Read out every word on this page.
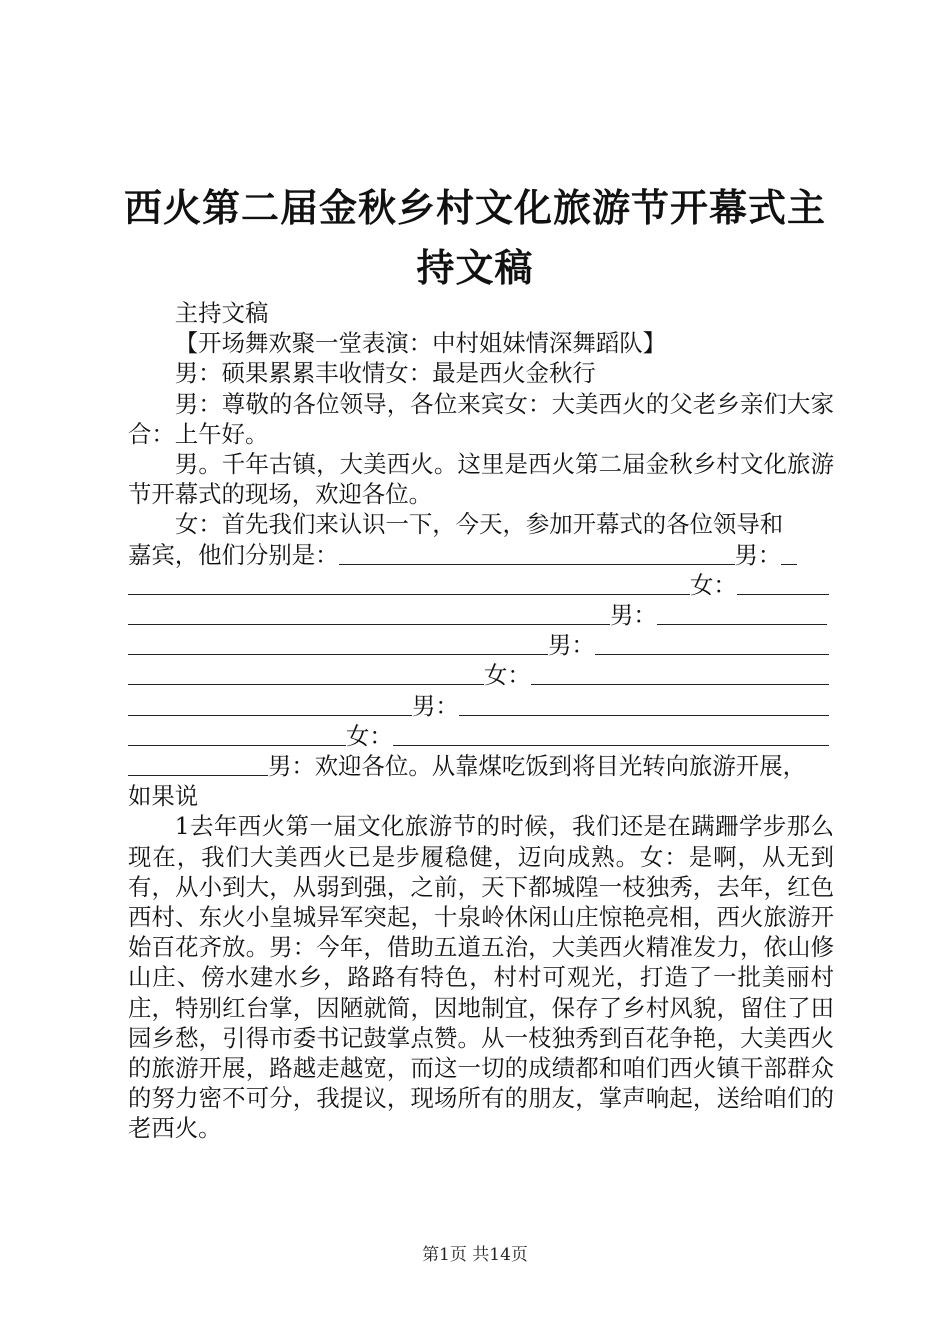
西火第二届金秋乡村文化旅游节开幕式主持文稿

主持文稿

【开场舞欢聚一堂表演：中村姐妹情深舞蹈队】

男：硕果累累丰收情女：最是西火金秋行

男：尊敬的各位领导，各位来宾女：大美西火的父老乡亲们大家合：上午好。

男。千年古镇，大美西火。这里是西火第二届金秋乡村文化旅游节开幕式的现场，欢迎各位。

女：首先我们来认识一下，今天，参加开幕式的各位领导和
嘉宾，他们分别是：	男：
女：
男：
男：
女：
男：
女：
男：欢迎各位。从靠煤吃饭到将目光转向旅游开展，
如果说

1去年西火第一届文化旅游节的时候，我们还是在蹒跚学步那么现在，我们大美西火已是步履稳健，迈向成熟。女：是啊，从无到有，从小到大，从弱到强，之前，天下都城隍一枝独秀，去年，红色西村、东火小皇城异军突起，十泉岭休闲山庄惊艳亮相，西火旅游开始百花齐放。男：今年，借助五道五治，大美西火精准发力，依山修山庄、傍水建水乡，路路有特色，村村可观光，打造了一批美丽村庄，特别红台掌，因陋就简，因地制宜，保存了乡村风貌，留住了田园乡愁，引得市委书记鼓掌点赞。从一枝独秀到百花争艳，大美西火的旅游开展，路越走越宽，而这一切的成绩都和咱们西火镇干部群众的努力密不可分，我提议，现场所有的朋友，掌声响起，送给咱们的老西火。

第1页 共14页
